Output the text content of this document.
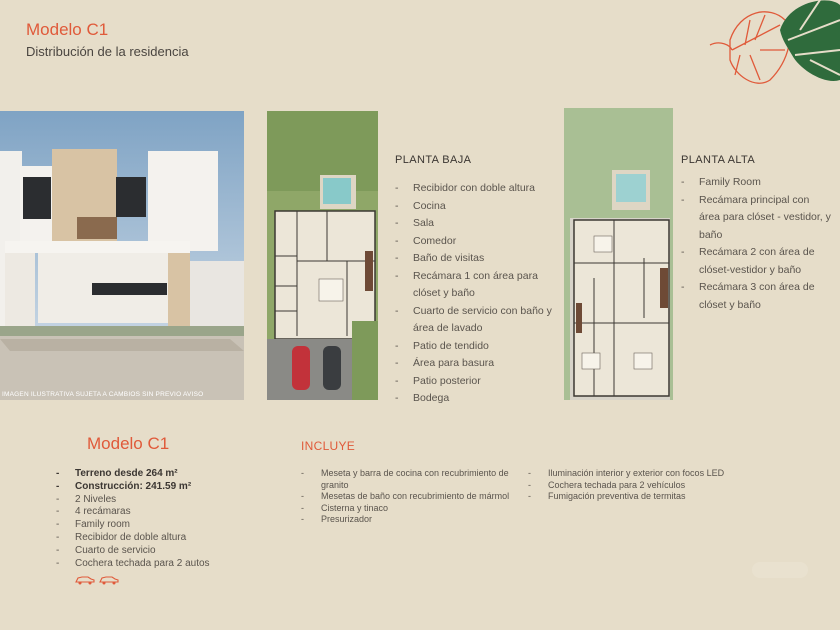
Modelo C1
Distribución de la residencia
IMAGEN ILUSTRATIVA SUJETA A CAMBIOS SIN PREVIO AVISO
PLANTA BAJA
- Recibidor con doble altura
- Cocina
- Sala
- Comedor
- Baño de visitas
- Recámara 1 con área para clóset y baño
- Cuarto de servicio con baño y área de lavado
- Patio de tendido
- Área para basura
- Patio posterior
- Bodega
PLANTA ALTA
- Family Room
- Recámara principal con área para clóset - vestidor, y baño
- Recámara 2 con área de clóset-vestidor y baño
- Recámara 3 con área de clóset y baño
Modelo C1
- Terreno desde 264 m²
- Construcción: 241.59 m²
- 2 Niveles
- 4 recámaras
- Family room
- Recibidor de doble altura
- Cuarto de servicio
- Cochera techada para 2 autos
INCLUYE
- Meseta y barra de cocina con recubrimiento de granito
- Mesetas de baño con recubrimiento de mármol
- Cisterna y tinaco
- Presurizador
- Iluminación interior y exterior con focos LED
- Cochera techada para 2 vehículos
- Fumigación preventiva de termitas
